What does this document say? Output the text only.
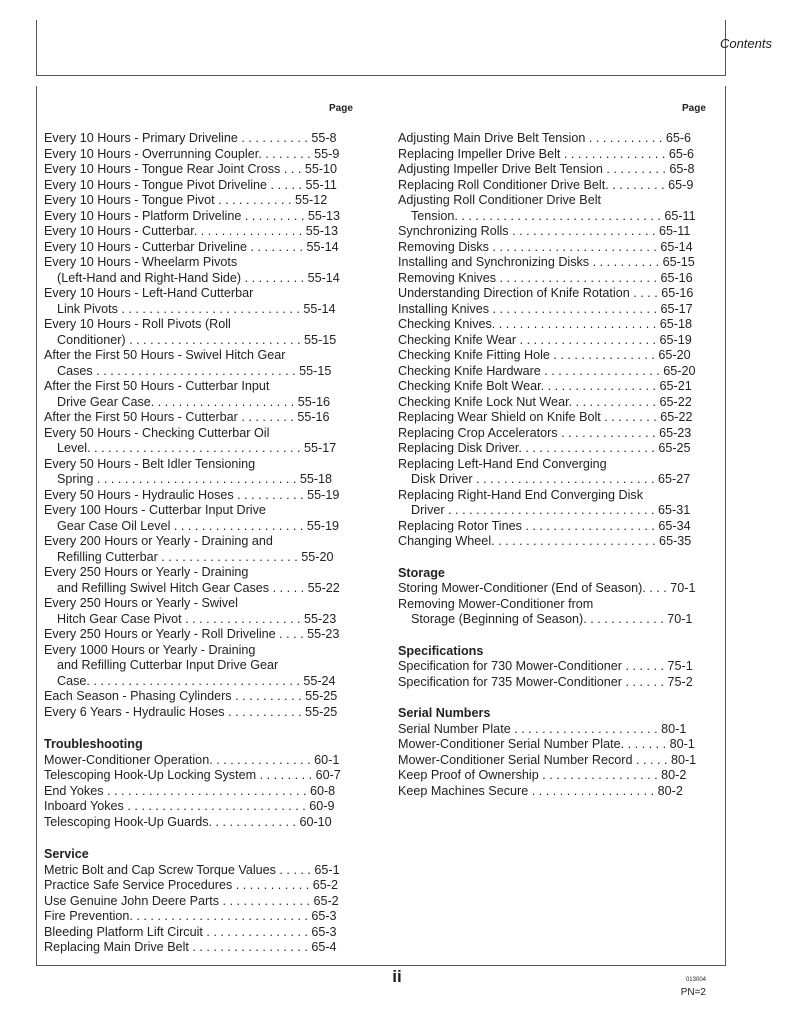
Contents
Page	Page
Every 10 Hours - Primary Driveline . . . . . . . . . . 55-8
Every 10 Hours - Overrunning Coupler. . . . . . . . 55-9
Every 10 Hours - Tongue Rear Joint Cross . . . 55-10
Every 10 Hours - Tongue Pivot Driveline . . . . . 55-11
Every 10 Hours - Tongue Pivot . . . . . . . . . . . 55-12
Every 10 Hours - Platform Driveline . . . . . . . . . 55-13
Every 10 Hours - Cutterbar. . . . . . . . . . . . . . . . 55-13
Every 10 Hours - Cutterbar Driveline . . . . . . . . 55-14
Every 10 Hours - Wheelarm Pivots
(Left-Hand and Right-Hand Side) . . . . . . . . . 55-14
Every 10 Hours - Left-Hand Cutterbar
Link Pivots . . . . . . . . . . . . . . . . . . . . . . . . . . 55-14
Every 10 Hours - Roll Pivots (Roll
Conditioner) . . . . . . . . . . . . . . . . . . . . . . . . . 55-15
After the First 50 Hours - Swivel Hitch Gear
Cases . . . . . . . . . . . . . . . . . . . . . . . . . . . . . 55-15
After the First 50 Hours - Cutterbar Input
Drive Gear Case. . . . . . . . . . . . . . . . . . . . . 55-16
After the First 50 Hours - Cutterbar . . . . . . . . 55-16
Every 50 Hours - Checking Cutterbar Oil
Level. . . . . . . . . . . . . . . . . . . . . . . . . . . . . . . 55-17
Every 50 Hours - Belt Idler Tensioning
Spring . . . . . . . . . . . . . . . . . . . . . . . . . . . . . 55-18
Every 50 Hours - Hydraulic Hoses . . . . . . . . . . 55-19
Every 100 Hours - Cutterbar Input Drive
Gear Case Oil Level . . . . . . . . . . . . . . . . . . . 55-19
Every 200 Hours or Yearly - Draining and
Refilling Cutterbar . . . . . . . . . . . . . . . . . . . . 55-20
Every 250 Hours or Yearly - Draining
and Refilling Swivel Hitch Gear Cases . . . . . 55-22
Every 250 Hours or Yearly - Swivel
Hitch Gear Case Pivot . . . . . . . . . . . . . . . . . 55-23
Every 250 Hours or Yearly - Roll Driveline . . . . 55-23
Every 1000 Hours or Yearly - Draining
and Refilling Cutterbar Input Drive Gear
Case. . . . . . . . . . . . . . . . . . . . . . . . . . . . . . . 55-24
Each Season - Phasing Cylinders . . . . . . . . . . 55-25
Every 6 Years - Hydraulic Hoses . . . . . . . . . . . 55-25
Troubleshooting
Mower-Conditioner Operation. . . . . . . . . . . . . . . 60-1
Telescoping Hook-Up Locking System . . . . . . . . 60-7
End Yokes . . . . . . . . . . . . . . . . . . . . . . . . . . . . . 60-8
Inboard Yokes . . . . . . . . . . . . . . . . . . . . . . . . . . 60-9
Telescoping Hook-Up Guards. . . . . . . . . . . . . 60-10
Service
Metric Bolt and Cap Screw Torque Values . . . . . 65-1
Practice Safe Service Procedures . . . . . . . . . . . 65-2
Use Genuine John Deere Parts . . . . . . . . . . . . . 65-2
Fire Prevention. . . . . . . . . . . . . . . . . . . . . . . . . . 65-3
Bleeding Platform Lift Circuit . . . . . . . . . . . . . . . 65-3
Replacing Main Drive Belt . . . . . . . . . . . . . . . . . 65-4
Adjusting Main Drive Belt Tension . . . . . . . . . . . 65-6
Replacing Impeller Drive Belt . . . . . . . . . . . . . . . 65-6
Adjusting Impeller Drive Belt Tension . . . . . . . . . 65-8
Replacing Roll Conditioner Drive Belt. . . . . . . . . 65-9
Adjusting Roll Conditioner Drive Belt
Tension. . . . . . . . . . . . . . . . . . . . . . . . . . . . . . 65-11
Synchronizing Rolls . . . . . . . . . . . . . . . . . . . . . 65-11
Removing Disks . . . . . . . . . . . . . . . . . . . . . . . . 65-14
Installing and Synchronizing Disks . . . . . . . . . . 65-15
Removing Knives . . . . . . . . . . . . . . . . . . . . . . . 65-16
Understanding Direction of Knife Rotation . . . . 65-16
Installing Knives . . . . . . . . . . . . . . . . . . . . . . . . 65-17
Checking Knives. . . . . . . . . . . . . . . . . . . . . . . . 65-18
Checking Knife Wear . . . . . . . . . . . . . . . . . . . . 65-19
Checking Knife Fitting Hole . . . . . . . . . . . . . . . 65-20
Checking Knife Hardware . . . . . . . . . . . . . . . . . 65-20
Checking Knife Bolt Wear. . . . . . . . . . . . . . . . . 65-21
Checking Knife Lock Nut Wear. . . . . . . . . . . . . 65-22
Replacing Wear Shield on Knife Bolt . . . . . . . . 65-22
Replacing Crop Accelerators . . . . . . . . . . . . . . 65-23
Replacing Disk Driver. . . . . . . . . . . . . . . . . . . . 65-25
Replacing Left-Hand End Converging
Disk Driver . . . . . . . . . . . . . . . . . . . . . . . . . . 65-27
Replacing Right-Hand End Converging Disk
Driver . . . . . . . . . . . . . . . . . . . . . . . . . . . . . . 65-31
Replacing Rotor Tines . . . . . . . . . . . . . . . . . . . 65-34
Changing Wheel. . . . . . . . . . . . . . . . . . . . . . . . 65-35
Storage
Storing Mower-Conditioner (End of Season). . . . 70-1
Removing Mower-Conditioner from
Storage (Beginning of Season). . . . . . . . . . . . 70-1
Specifications
Specification for 730 Mower-Conditioner . . . . . . 75-1
Specification for 735 Mower-Conditioner . . . . . . 75-2
Serial Numbers
Serial Number Plate . . . . . . . . . . . . . . . . . . . . . 80-1
Mower-Conditioner Serial Number Plate. . . . . . . 80-1
Mower-Conditioner Serial Number Record . . . . . 80-1
Keep Proof of Ownership . . . . . . . . . . . . . . . . . 80-2
Keep Machines Secure . . . . . . . . . . . . . . . . . . 80-2
ii	013004
PN=2
